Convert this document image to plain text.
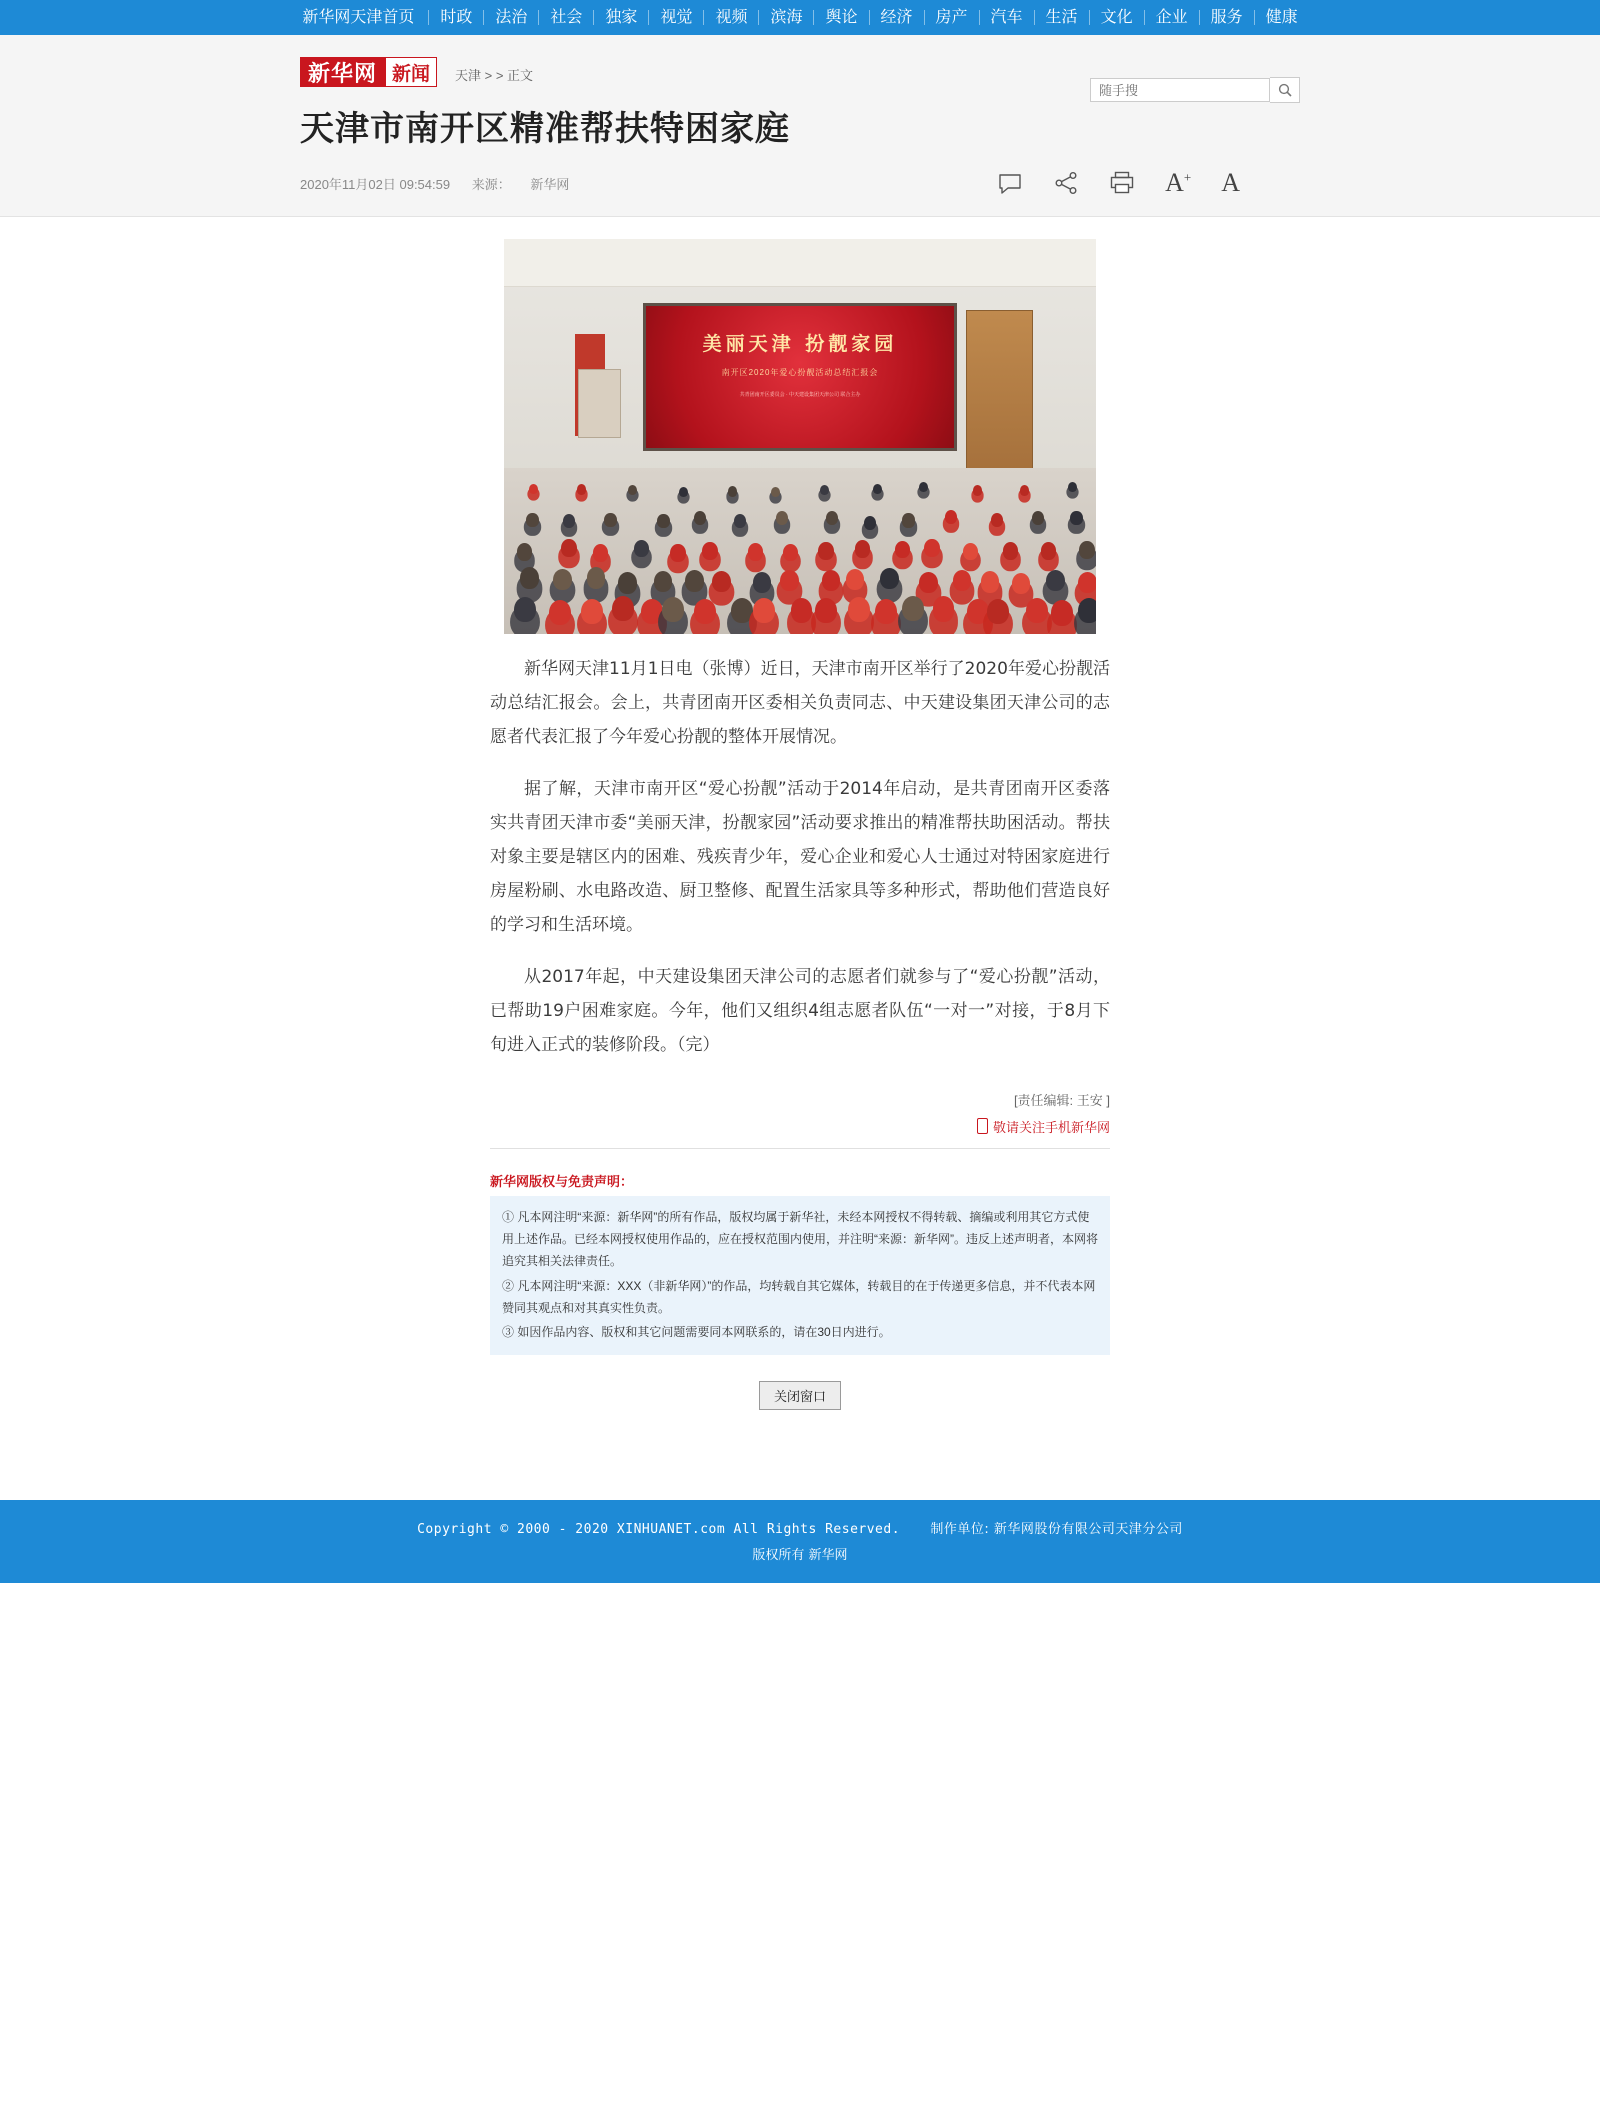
新华网天津首页	时政	法治	社会	独家	视觉	视频	滨海	舆论	经济	房产	汽车	生活	文化	企业	服务	健康
新华网 新闻	天津 > > 正文
随手搜
天津市南开区精准帮扶特困家庭
2020年11月02日 09:54:59 来源： 新华网	A+ A
美丽天津 扮靓家园
南开区2020年爱心扮靓活动总结汇报会
共青团南开区委员会 · 中天建设集团天津公司 联合主办

新华网天津11月1日电（张博）近日，天津市南开区举行了2020年爱心扮靓活动总结汇报会。会上，共青团南开区委相关负责同志、中天建设集团天津公司的志愿者代表汇报了今年爱心扮靓的整体开展情况。

据了解，天津市南开区“爱心扮靓”活动于2014年启动，是共青团南开区委落实共青团天津市委“美丽天津，扮靓家园”活动要求推出的精准帮扶助困活动。帮扶对象主要是辖区内的困难、残疾青少年，爱心企业和爱心人士通过对特困家庭进行房屋粉刷、水电路改造、厨卫整修、配置生活家具等多种形式，帮助他们营造良好的学习和生活环境。

从2017年起，中天建设集团天津公司的志愿者们就参与了“爱心扮靓”活动，已帮助19户困难家庭。今年，他们又组织4组志愿者队伍“一对一”对接，于8月下旬进入正式的装修阶段。（完）

[责任编辑: 王安 ]
敬请关注手机新华网
新华网版权与免责声明：

① 凡本网注明“来源：新华网”的所有作品，版权均属于新华社，未经本网授权不得转载、摘编或利用其它方式使用上述作品。已经本网授权使用作品的，应在授权范围内使用，并注明“来源：新华网”。违反上述声明者，本网将追究其相关法律责任。

② 凡本网注明“来源：XXX（非新华网）”的作品，均转载自其它媒体，转载目的在于传递更多信息，并不代表本网赞同其观点和对其真实性负责。

③ 如因作品内容、版权和其它问题需要同本网联系的，请在30日内进行。

关闭窗口
Copyright © 2000 - 2020 XINHUANET.com All Rights Reserved. 制作单位: 新华网股份有限公司天津分公司
版权所有 新华网
